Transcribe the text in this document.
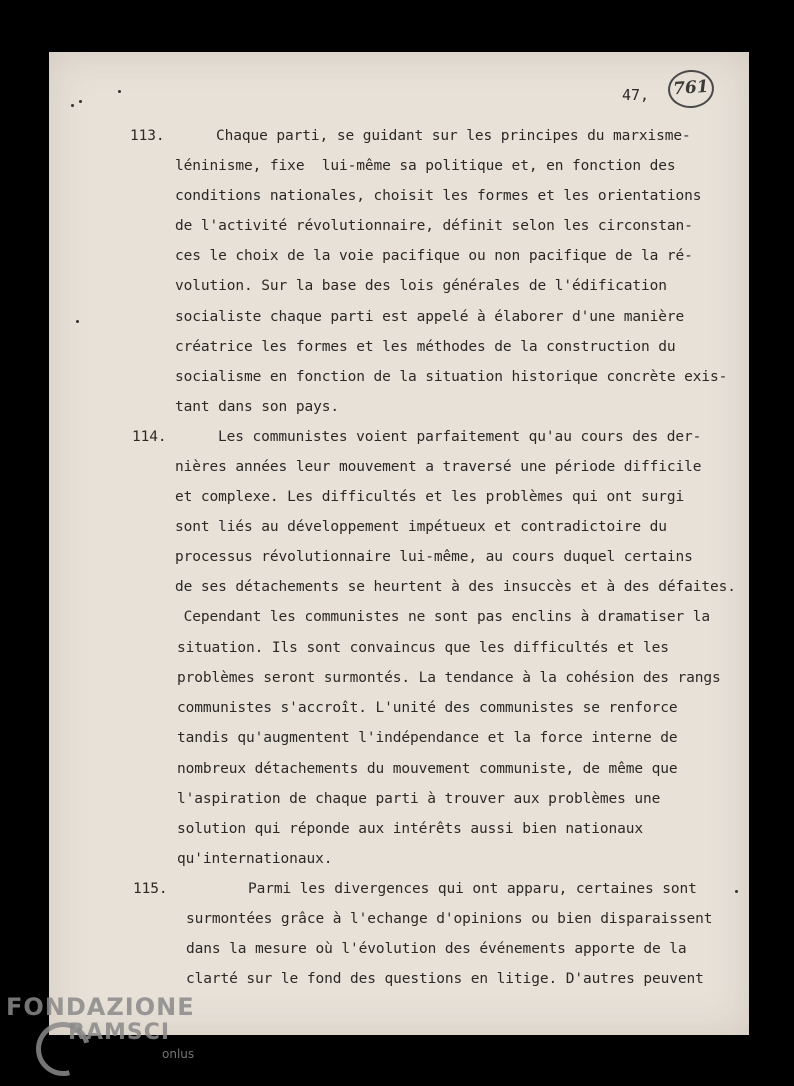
47,	761
113.	Chaque parti, se guidant sur les principes du marxisme-
léninisme, fixe  lui-même sa politique et, en fonction des
conditions nationales, choisit les formes et les orientations
de l'activité révolutionnaire, définit selon les circonstan-
ces le choix de la voie pacifique ou non pacifique de la ré-
volution. Sur la base des lois générales de l'édification
socialiste chaque parti est appelé à élaborer d'une manière
créatrice les formes et les méthodes de la construction du
socialisme en fonction de la situation historique concrète exis-
tant dans son pays.
114.	Les communistes voient parfaitement qu'au cours des der-
nières années leur mouvement a traversé une période difficile
et complexe. Les difficultés et les problèmes qui ont surgi
sont liés au développement impétueux et contradictoire du
processus révolutionnaire lui-même, au cours duquel certains
de ses détachements se heurtent à des insuccès et à des défaites.
Cependant les communistes ne sont pas enclins à dramatiser la
situation. Ils sont convaincus que les difficultés et les
problèmes seront surmontés. La tendance à la cohésion des rangs
communistes s'accroît. L'unité des communistes se renforce
tandis qu'augmentent l'indépendance et la force interne de
nombreux détachements du mouvement communiste, de même que
l'aspiration de chaque parti à trouver aux problèmes une
solution qui réponde aux intérêts aussi bien nationaux
qu'internationaux.
115.	Parmi les divergences qui ont apparu, certaines sont
surmontées grâce à l'echange d'opinions ou bien disparaissent
dans la mesure où l'évolution des événements apporte de la
clarté sur le fond des questions en litige. D'autres peuvent
FONDAZIONE
RAMSCI
onlus
